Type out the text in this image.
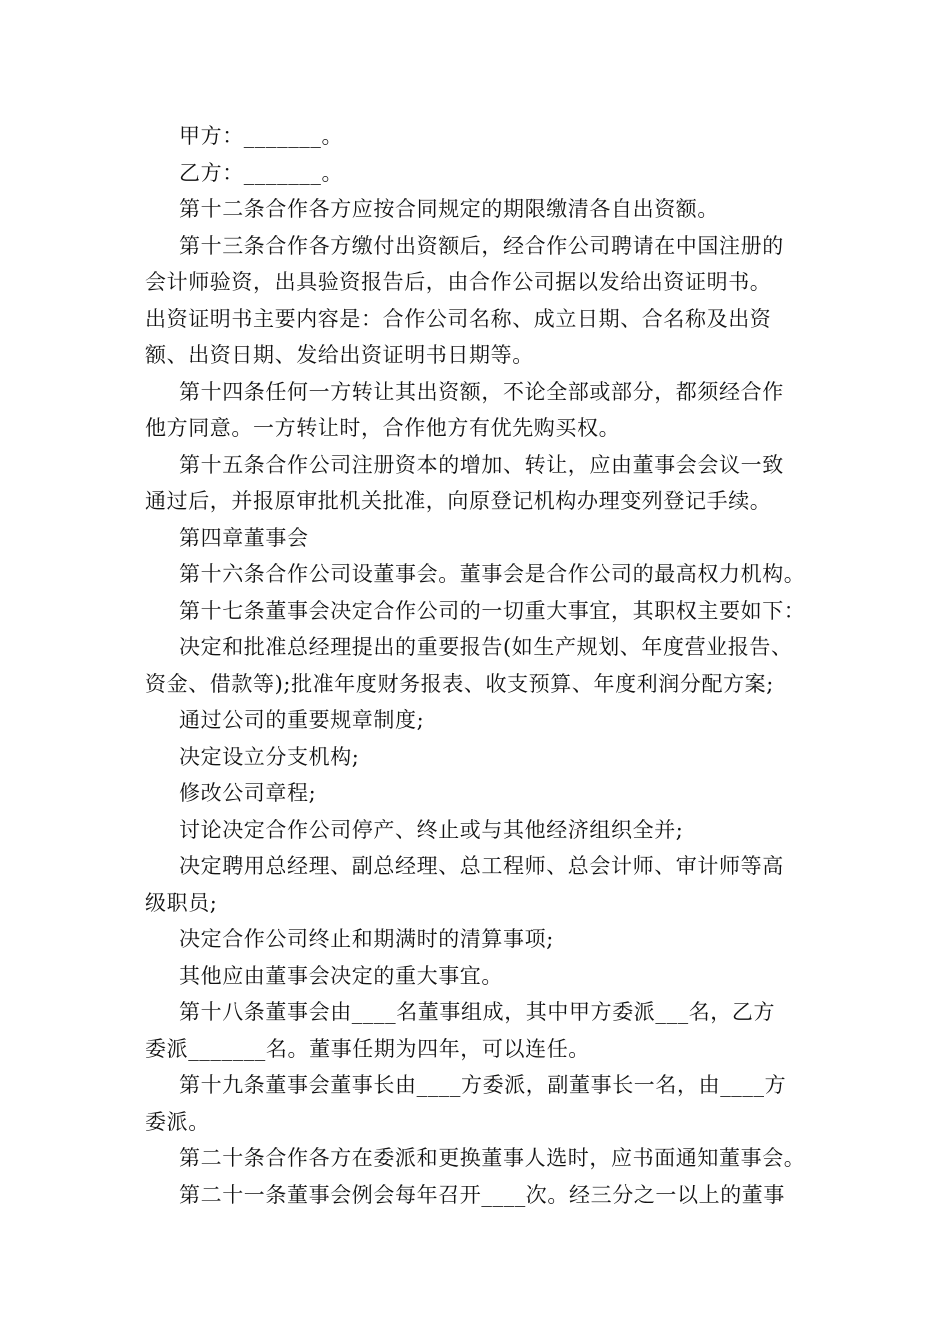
甲方：_______。
乙方：_______。
第十二条合作各方应按合同规定的期限缴清各自出资额。
第十三条合作各方缴付出资额后，经合作公司聘请在中国注册的
会计师验资，出具验资报告后，由合作公司据以发给出资证明书。
出资证明书主要内容是：合作公司名称、成立日期、合名称及出资
额、出资日期、发给出资证明书日期等。
第十四条任何一方转让其出资额，不论全部或部分，都须经合作
他方同意。一方转让时，合作他方有优先购买权。
第十五条合作公司注册资本的增加、转让，应由董事会会议一致
通过后，并报原审批机关批准，向原登记机构办理变列登记手续。
第四章董事会
第十六条合作公司设董事会。董事会是合作公司的最高权力机构。
第十七条董事会决定合作公司的一切重大事宜，其职权主要如下：
决定和批准总经理提出的重要报告(如生产规划、年度营业报告、
资金、借款等);批准年度财务报表、收支预算、年度利润分配方案;
通过公司的重要规章制度;
决定设立分支机构;
修改公司章程;
讨论决定合作公司停产、终止或与其他经济组织全并;
决定聘用总经理、副总经理、总工程师、总会计师、审计师等高
级职员;
决定合作公司终止和期满时的清算事项;
其他应由董事会决定的重大事宜。
第十八条董事会由____名董事组成，其中甲方委派___名，乙方
委派_______名。董事任期为四年，可以连任。
第十九条董事会董事长由____方委派，副董事长一名，由____方
委派。
第二十条合作各方在委派和更换董事人选时，应书面通知董事会。
第二十一条董事会例会每年召开____次。经三分之一以上的董事
